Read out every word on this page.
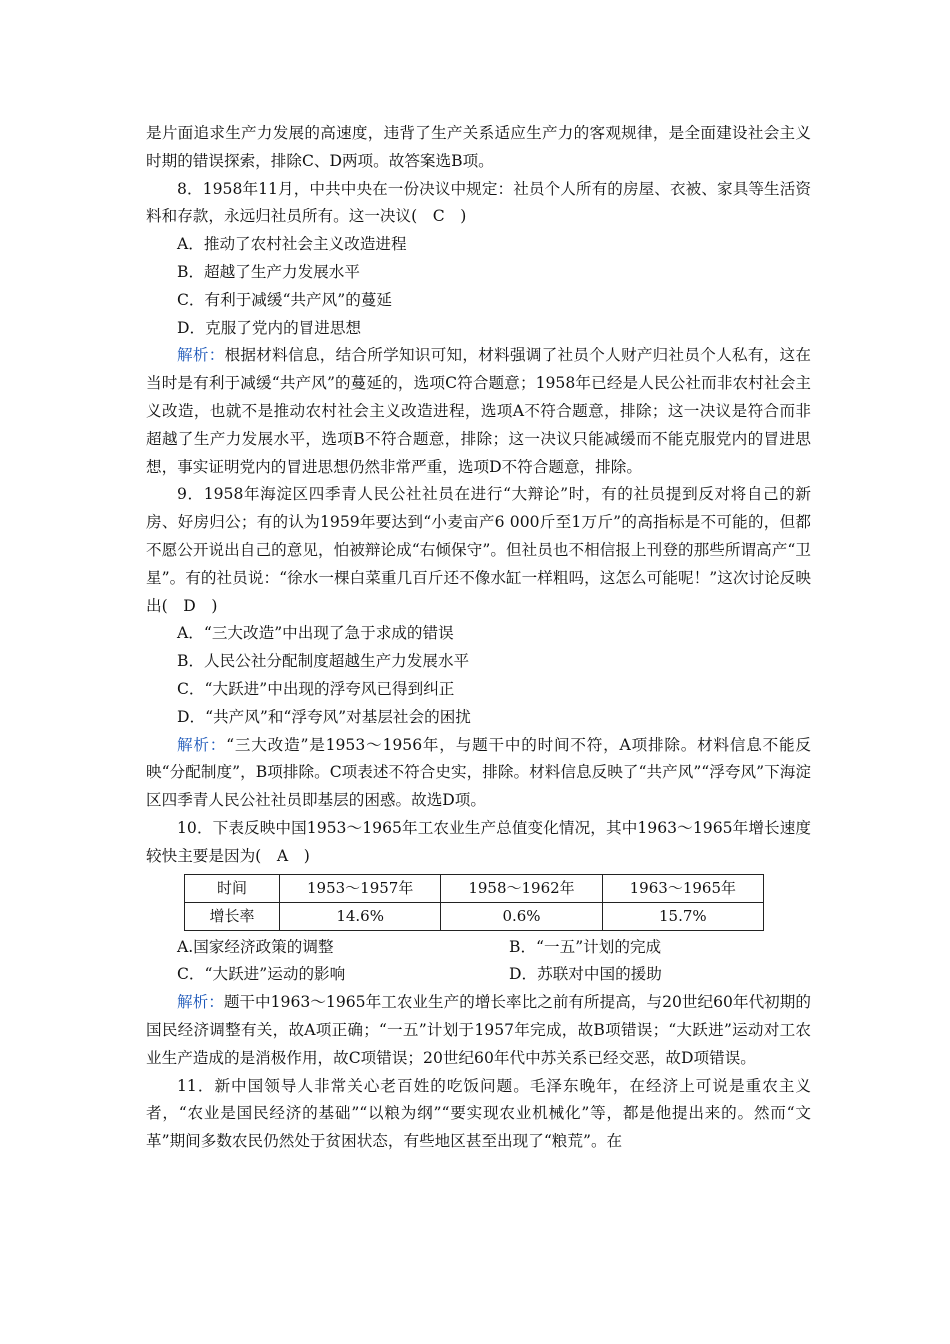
是片面追求生产力发展的高速度，违背了生产关系适应生产力的客观规律，是全面建设社会主义时期的错误探索，排除C、D两项。故答案选B项。

8．1958年11月，中共中央在一份决议中规定：社员个人所有的房屋、衣被、家具等生活资料和存款，永远归社员所有。这一决议(　C　)

A．推动了农村社会主义改造进程

B．超越了生产力发展水平

C．有利于减缓“共产风”的蔓延

D．克服了党内的冒进思想

解析：根据材料信息，结合所学知识可知，材料强调了社员个人财产归社员个人私有，这在当时是有利于减缓“共产风”的蔓延的，选项C符合题意；1958年已经是人民公社而非农村社会主义改造，也就不是推动农村社会主义改造进程，选项A不符合题意，排除；这一决议是符合而非超越了生产力发展水平，选项B不符合题意，排除；这一决议只能减缓而不能克服党内的冒进思想，事实证明党内的冒进思想仍然非常严重，选项D不符合题意，排除。

9．1958年海淀区四季青人民公社社员在进行“大辩论”时，有的社员提到反对将自己的新房、好房归公；有的认为1959年要达到“小麦亩产6 000斤至1万斤”的高指标是不可能的，但都不愿公开说出自己的意见，怕被辩论成“右倾保守”。但社员也不相信报上刊登的那些所谓高产“卫星”。有的社员说：“徐水一棵白菜重几百斤还不像水缸一样粗吗，这怎么可能呢！”这次讨论反映出(　D　)

A．“三大改造”中出现了急于求成的错误

B．人民公社分配制度超越生产力发展水平

C．“大跃进”中出现的浮夸风已得到纠正

D．“共产风”和“浮夸风”对基层社会的困扰

解析：“三大改造”是1953～1956年，与题干中的时间不符，A项排除。材料信息不能反映“分配制度”，B项排除。C项表述不符合史实，排除。材料信息反映了“共产风”“浮夸风”下海淀区四季青人民公社社员即基层的困惑。故选D项。

10．下表反映中国1953～1965年工农业生产总值变化情况，其中1963～1965年增长速度较快主要是因为(　A　)

时间	1953～1957年	1958～1962年	1963～1965年
增长率	14.6%	0.6%	15.7%
A.国家经济政策的调整	B．“一五”计划的完成
C．“大跃进”运动的影响	D．苏联对中国的援助

解析：题干中1963～1965年工农业生产的增长率比之前有所提高，与20世纪60年代初期的国民经济调整有关，故A项正确；“一五”计划于1957年完成，故B项错误；“大跃进”运动对工农业生产造成的是消极作用，故C项错误；20世纪60年代中苏关系已经交恶，故D项错误。

11．新中国领导人非常关心老百姓的吃饭问题。毛泽东晚年，在经济上可说是重农主义者，“农业是国民经济的基础”“以粮为纲”“要实现农业机械化”等，都是他提出来的。然而“文革”期间多数农民仍然处于贫困状态，有些地区甚至出现了“粮荒”。在
